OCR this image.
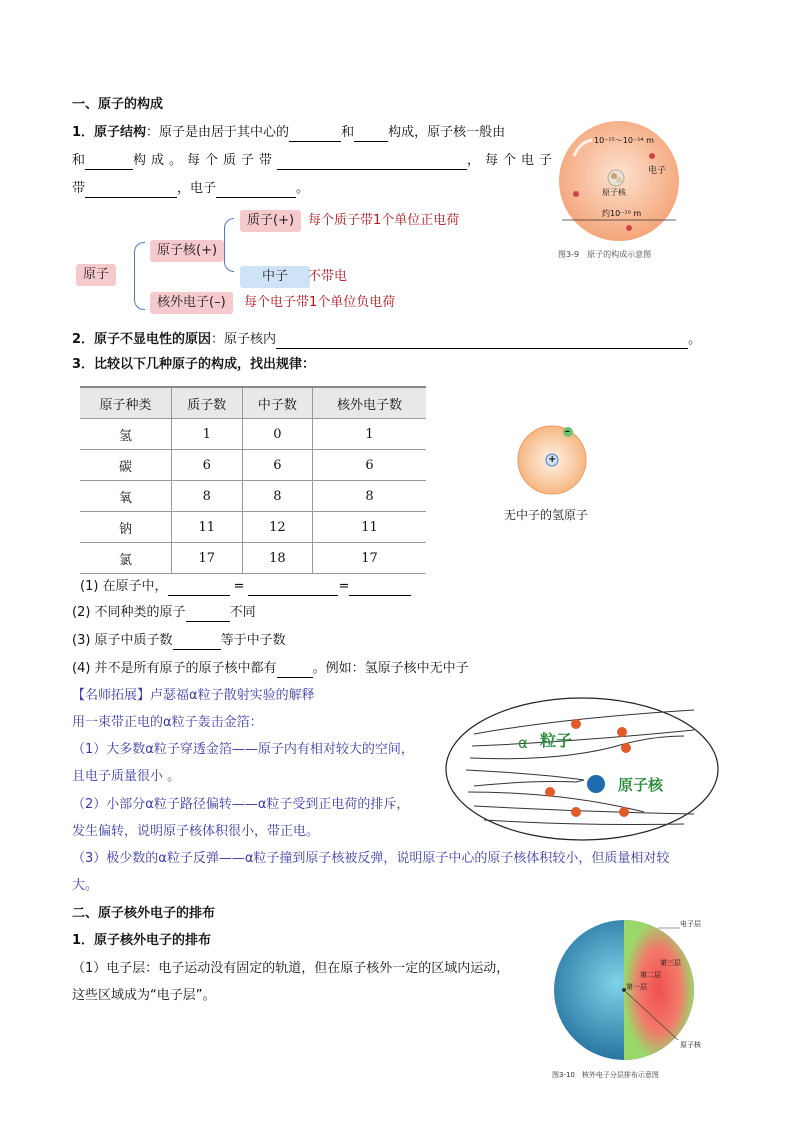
一、原子的构成
1．原子结构：原子是由居于其中心的	和	构成，原子核一般由
和	构成。每个质子带	，每个电子
带	，电子	。
10⁻¹⁵～10⁻¹⁴ m
原子核
电子
约10⁻¹⁰ m
图3-9　原子的构成示意图
原子
原子核(+)
质子(+)	每个质子带1个单位正电荷
中子	不带电
核外电子(–)	每个电子带1个单位负电荷
2．原子不显电性的原因：原子核内	。
3．比较以下几种原子的构成，找出规律：
原子种类	质子数	中子数	核外电子数
氢	1	0	1
碳	6	6	6
氧	8	8	8
钠	11	12	11
氯	17	18	17
+
–
无中子的氢原子
(1) 在原子中，	=	=
(2) 不同种类的原子	不同
(3) 原子中质子数	等于中子数
(4) 并不是所有原子的原子核中都有	。例如：氢原子核中无中子
【名师拓展】卢瑟福α粒子散射实验的解释
用一束带正电的α粒子轰击金箔：
（1）大多数α粒子穿透金箔——原子内有相对较大的空间，
且电子质量很小 。
（2）小部分α粒子路径偏转——α粒子受到正电荷的排斥，
发生偏转，说明原子核体积很小，带正电。
（3）极少数的α粒子反弹——α粒子撞到原子核被反弹，说明原子中心的原子核体积较小，但质量相对较
大。
α 粒子
原子核
二、原子核外电子的排布
1．原子核外电子的排布
（1）电子层：电子运动没有固定的轨道，但在原子核外一定的区域内运动，
这些区域成为“电子层”。
电子层
第三层
第二层
第一层
原子核
图3-10　核外电子分层排布示意图
